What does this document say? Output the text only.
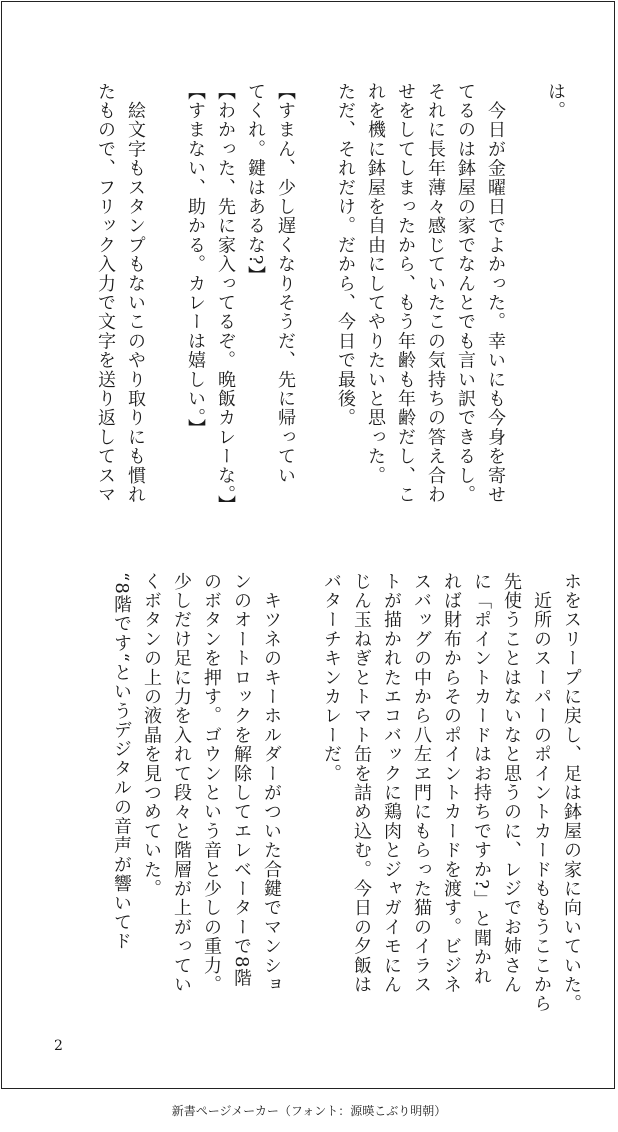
は。
　今日が金曜日でよかった。幸いにも今身を寄せ
てるのは鉢屋の家でなんとでも言い訳できるし。
それに長年薄々感じていたこの気持ちの答え合わ
せをしてしまったから、もう年齢も年齢だし、こ
れを機に鉢屋を自由にしてやりたいと思った。
ただ、それだけ。だから、今日で最後。
【すまん、少し遅くなりそうだ、先に帰ってい
てくれ。鍵はあるな?】
【わかった、先に家入ってるぞ。晩飯カレーな。】
【すまない、助かる。カレーは嬉しい。】
　絵文字もスタンプもないこのやり取りにも慣れ
たもので、フリック入力で文字を送り返してスマ
ホをスリープに戻し、足は鉢屋の家に向いていた。
　近所のスーパーのポイントカードももうここから
先使うことはないなと思うのに、レジでお姉さん
に「ポイントカードはお持ちですか?」と聞かれ
れば財布からそのポイントカードを渡す。ビジネ
スバッグの中から八左ヱ門にもらった猫のイラス
トが描かれたエコバックに鶏肉とジャガイモにん
じん玉ねぎとトマト缶を詰め込む。今日の夕飯は
バターチキンカレーだ。
　キツネのキーホルダーがついた合鍵でマンショ
ンのオートロックを解除してエレベーターで8階
のボタンを押す。ゴウンという音と少しの重力。
少しだけ足に力を入れて段々と階層が上がってい
くボタンの上の液晶を見つめていた。
“8階です“というデジタルの音声が響いてド
2
新書ページメーカー（フォント：源暎こぶり明朝）
